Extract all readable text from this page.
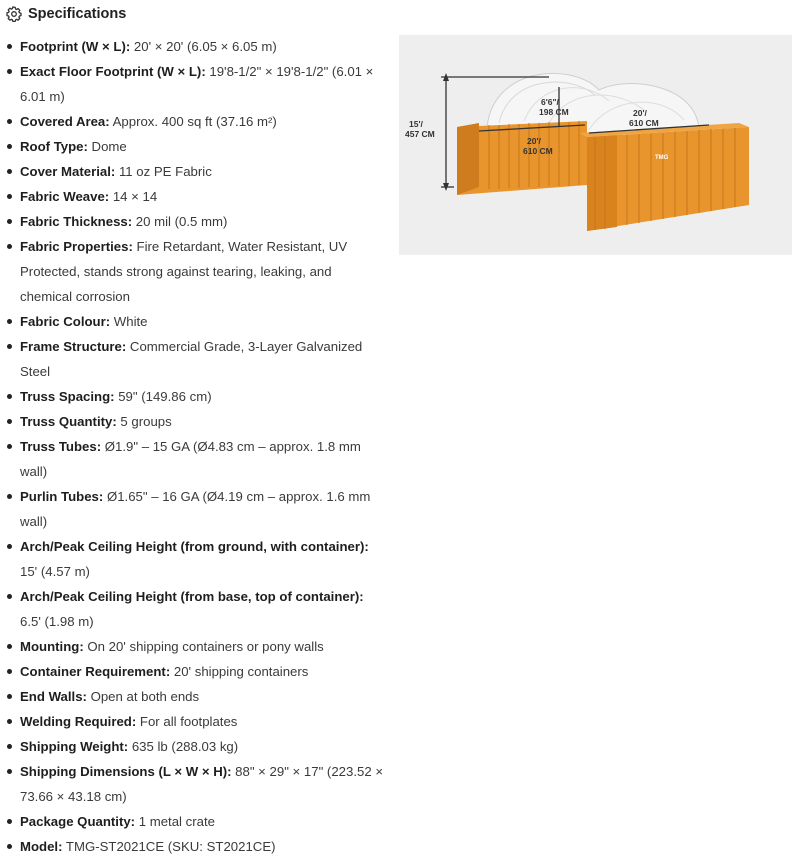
Specifications
Footprint (W × L): 20' × 20' (6.05 × 6.05 m)
Exact Floor Footprint (W × L): 19'8-1/2" × 19'8-1/2" (6.01 × 6.01 m)
Covered Area: Approx. 400 sq ft (37.16 m²)
Roof Type: Dome
Cover Material: 11 oz PE Fabric
Fabric Weave: 14 × 14
Fabric Thickness: 20 mil (0.5 mm)
Fabric Properties: Fire Retardant, Water Resistant, UV Protected, stands strong against tearing, leaking, and chemical corrosion
Fabric Colour: White
Frame Structure: Commercial Grade, 3-Layer Galvanized Steel
Truss Spacing: 59" (149.86 cm)
Truss Quantity: 5 groups
Truss Tubes: Ø1.9" – 15 GA (Ø4.83 cm – approx. 1.8 mm wall)
Purlin Tubes: Ø1.65" – 16 GA (Ø4.19 cm – approx. 1.6 mm wall)
Arch/Peak Ceiling Height (from ground, with container): 15' (4.57 m)
Arch/Peak Ceiling Height (from base, top of container): 6.5' (1.98 m)
Mounting: On 20' shipping containers or pony walls
Container Requirement: 20' shipping containers
End Walls: Open at both ends
Welding Required: For all footplates
Shipping Weight: 635 lb (288.03 kg)
Shipping Dimensions (L × W × H): 88" × 29" × 17" (223.52 × 73.66 × 43.18 cm)
Package Quantity: 1 metal crate
Model: TMG-ST2021CE (SKU: ST2021CE)
TMG
15'/
457 CM
6'6"/
198 CM
20'/
610 CM
20'/
610 CM
